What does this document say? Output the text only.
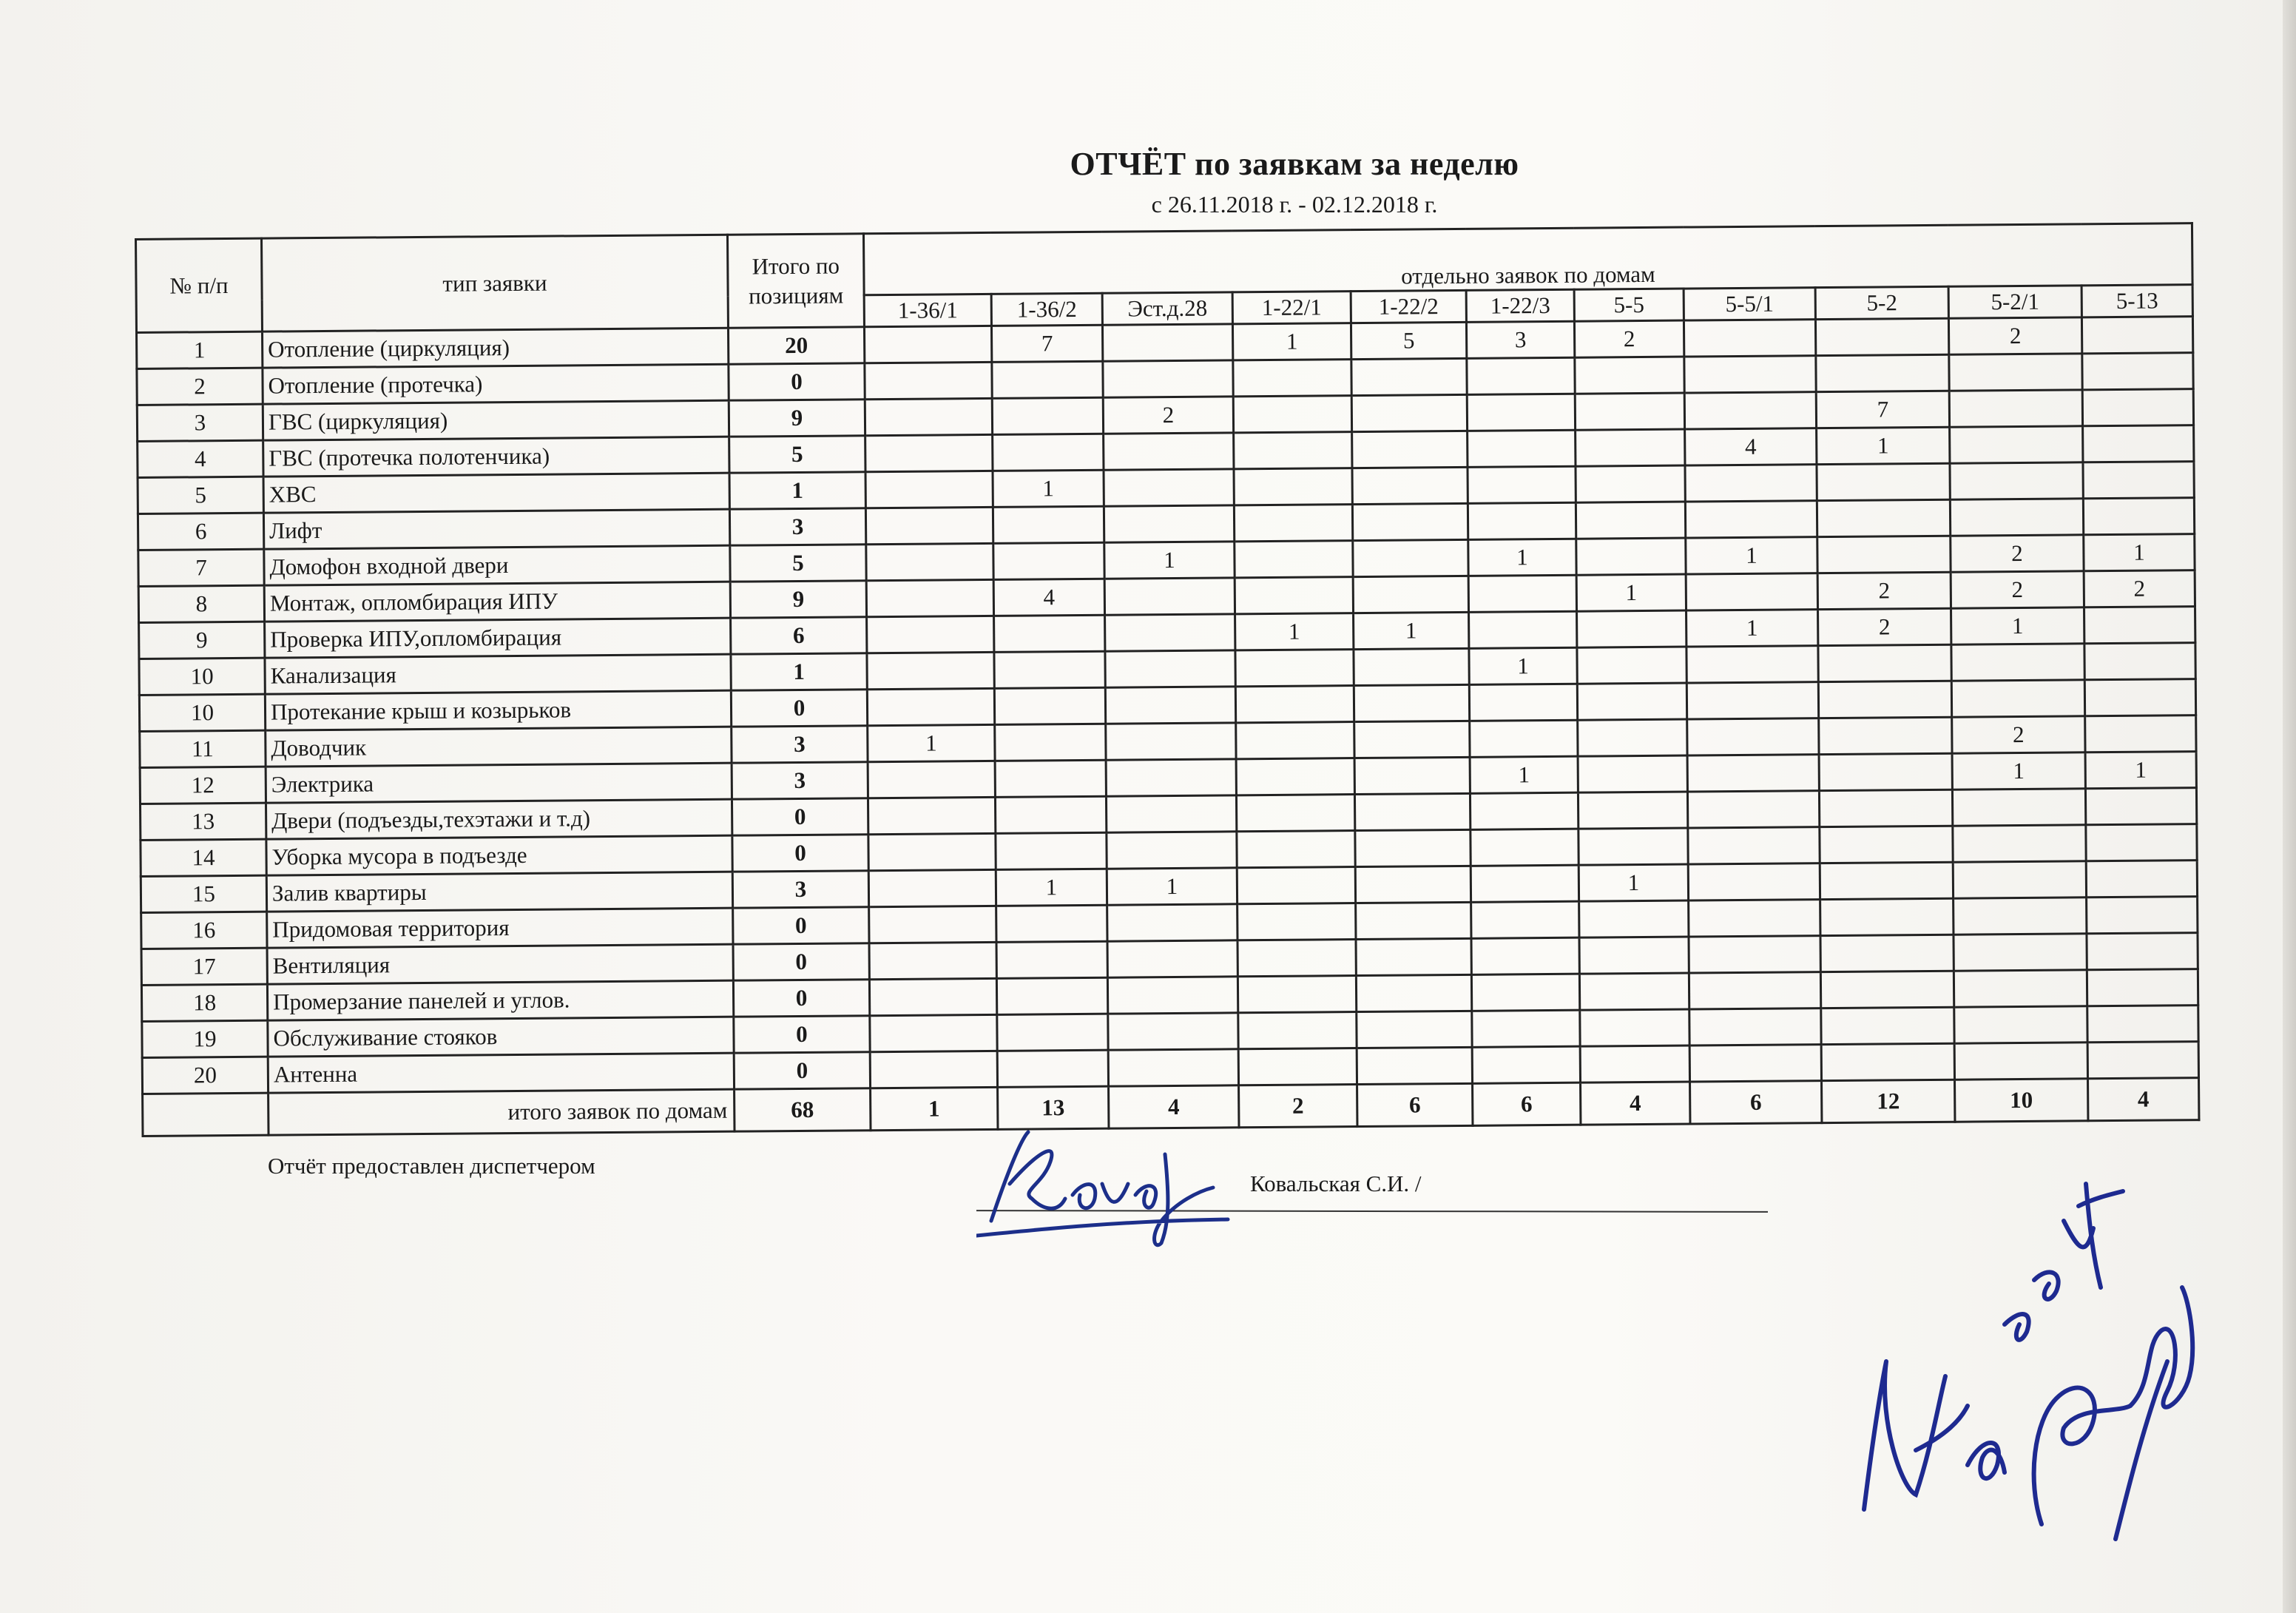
ОТЧЁТ по заявкам за неделю
с 26.11.2018 г. - 02.12.2018 г.
№ п/п	тип заявки	Итого по позициям	отдельно заявок по домам										
			1-36/1	1-36/2	Эст.д.28	1-22/1	1-22/2	1-22/3	5-5	5-5/1	5-2	5-2/1	5-13
1	Отопление (циркуляция)	20		7		1	5	3	2			2	
2	Отопление (протечка)	0											
3	ГВС (циркуляция)	9			2						7		
4	ГВС (протечка полотенчика)	5								4	1		
5	ХВС	1		1									
6	Лифт	3											
7	Домофон входной двери	5			1			1		1		2	1
8	Монтаж, опломбирация ИПУ	9		4					1		2	2	2
9	Проверка ИПУ,опломбирация	6				1	1			1	2	1	
10	Канализация	1						1					
10	Протекание крыш и козырьков	0											
11	Доводчик	3	1									2	
12	Электрика	3						1				1	1
13	Двери (подъезды,техэтажи и т.д)	0											
14	Уборка мусора в подъезде	0											
15	Залив квартиры	3		1	1				1				
16	Придомовая территория	0											
17	Вентиляция	0											
18	Промерзание панелей и углов.	0											
19	Обслуживание стояков	0											
20	Антенна	0											
	итого заявок по домам	68	1	13	4	2	6	6	4	6	12	10	4
Отчёт предоставлен диспетчером
Ковальская С.И. /
